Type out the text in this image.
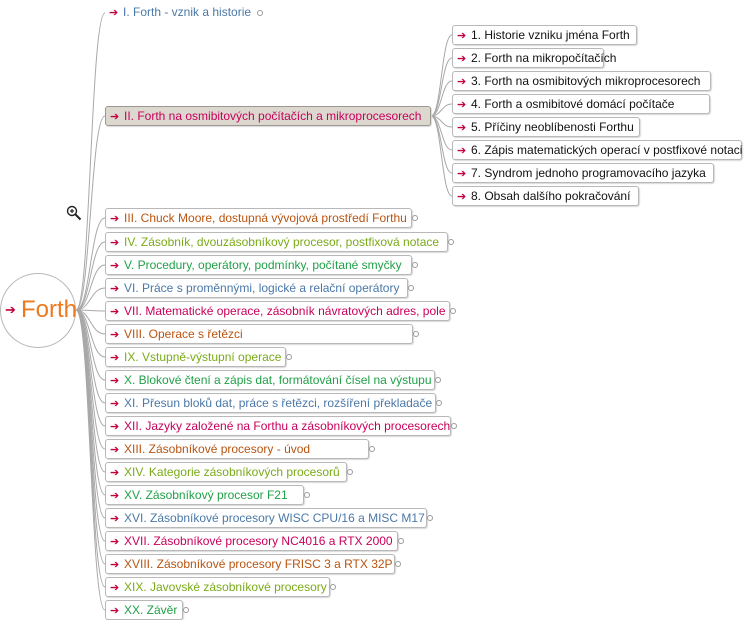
➔ Forth
➔ I. Forth - vznik a historie
➔ II. Forth na osmibitových počítačích a mikroprocesorech
➔ III. Chuck Moore, dostupná vývojová prostředí Forthu
➔ IV. Zásobník, dvouzásobníkový procesor, postfixová notace
➔ V. Procedury, operátory, podmínky, počítané smyčky
➔ VI. Práce s proměnnými, logické a relační operátory
➔ VII. Matematické operace, zásobník návratových adres, pole
➔ VIII. Operace s řetězci
➔ IX. Vstupně-výstupní operace
➔ X. Blokové čtení a zápis dat, formátování čísel na výstupu
➔ XI. Přesun bloků dat, práce s řetězci, rozšíření překladače
➔ XII. Jazyky založené na Forthu a zásobníkových procesorech
➔ XIII. Zásobníkové procesory - úvod
➔ XIV. Kategorie zásobníkových procesorů
➔ XV. Zásobníkový procesor F21
➔ XVI. Zásobníkové procesory WISC CPU/16 a MISC M17
➔ XVII. Zásobníkové procesory NC4016 a RTX 2000
➔ XVIII. Zásobníkové procesory FRISC 3 a RTX 32P
➔ XIX. Javovské zásobníkové procesory
➔ XX. Závěr
➔ 1. Historie vzniku jména Forth
➔ 2. Forth na mikropočítačích
➔ 3. Forth na osmibitových mikroprocesorech
➔ 4. Forth a osmibitové domácí počítače
➔ 5. Příčiny neoblíbenosti Forthu
➔ 6. Zápis matematických operací v postfixové notaci
➔ 7. Syndrom jednoho programovacího jazyka
➔ 8. Obsah dalšího pokračování
